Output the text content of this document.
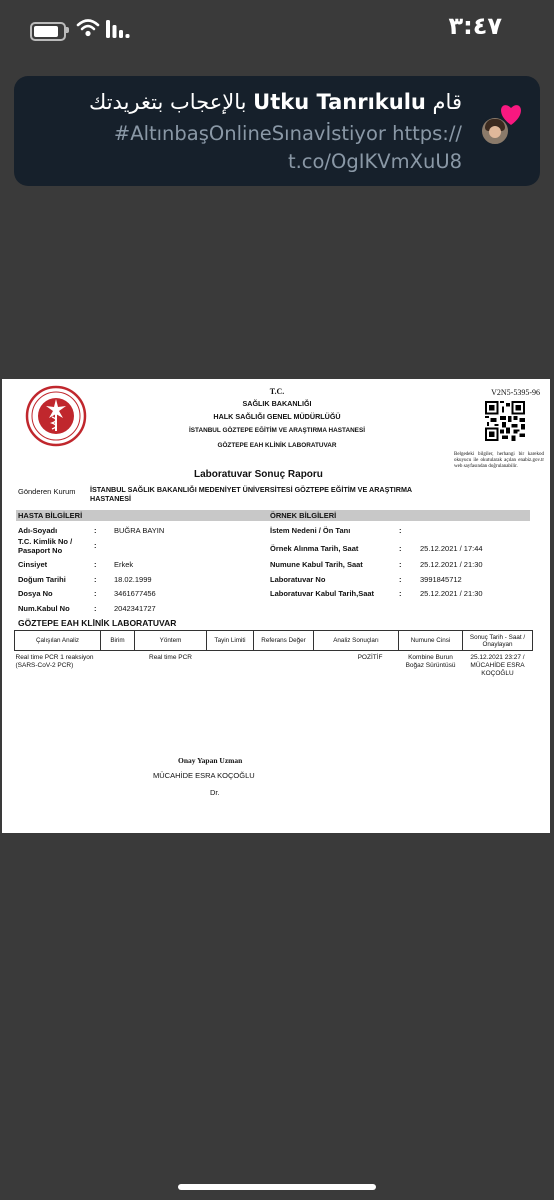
٣:٤٧
قام Utku Tanrıkulu بالإعجاب بتغريدتك
#AltınbaşOnlineSınavİstiyor https://
t.co/OgIKVmXuU8
T.C.
SAĞLIK BAKANLIĞI
HALK SAĞLIĞI GENEL MÜDÜRLÜĞÜ
İSTANBUL GÖZTEPE EĞİTİM VE ARAŞTIRMA HASTANESİ
GÖZTEPE EAH KLİNİK LABORATUVAR
V2N5-5395-96
Belgedeki bilgiler, herhangi bir karekod okuyucu ile okutularak açılan enabiz.gov.tr web sayfasından doğrulanabilir.
Laboratuvar Sonuç Raporu
Gönderen Kurum İSTANBUL SAĞLIK BAKANLIĞI MEDENİYET ÜNİVERSİTESİ GÖZTEPE EĞİTİM VE ARAŞTIRMA HASTANESİ
HASTA BİLGİLERİ	ÖRNEK BİLGİLERİ
Adı-Soyadı	: BUĞRA BAYIN
T.C. Kimlik No / Pasaport No
:
Cinsiyet	: Erkek
Doğum Tarihi	: 18.02.1999
Dosya No	: 3461677456
Num.Kabul No	: 2042341727
İstem Nedeni / Ön Tanı	:
Örnek Alınma Tarih, Saat	: 25.12.2021 / 17:44
Numune Kabul Tarih, Saat	: 25.12.2021 / 21:30
Laboratuvar No	: 3991845712
Laboratuvar Kabul Tarih,Saat	: 25.12.2021 / 21:30
GÖZTEPE EAH KLİNİK LABORATUVAR
Çalışılan Analiz	Birim	Yöntem	Tayin Limiti	Referans Değer	Analiz Sonuçları	Numune Cinsi	Sonuç Tarih - Saat / Onaylayan
Real time PCR 1 reaksiyon (SARS-CoV-2 PCR)		Real time PCR			POZİTİF	Kombine Burun Boğaz Sürüntüsü	25.12.2021 23:27 / MÜCAHİDE ESRA KOÇOĞLU
Onay Yapan Uzman
MÜCAHİDE ESRA KOÇOĞLU
Dr.
